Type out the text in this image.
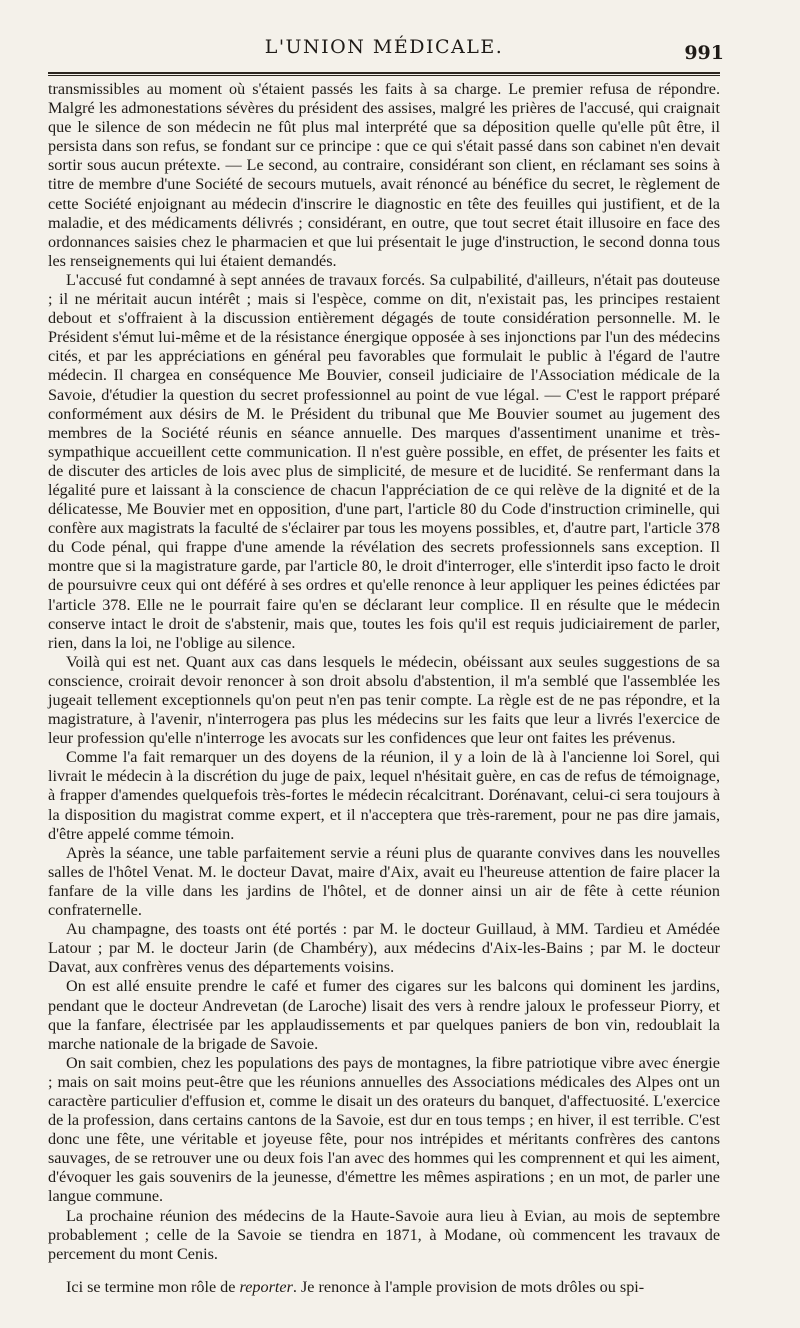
L'UNION MÉDICALE.	991

transmissibles au moment où s'étaient passés les faits à sa charge. Le premier refusa de répondre. Malgré les admonestations sévères du président des assises, malgré les prières de l'accusé, qui craignait que le silence de son médecin ne fût plus mal interprété que sa déposition quelle qu'elle pût être, il persista dans son refus, se fondant sur ce principe : que ce qui s'était passé dans son cabinet n'en devait sortir sous aucun prétexte. — Le second, au contraire, considérant son client, en réclamant ses soins à titre de membre d'une Société de secours mutuels, avait rénoncé au bénéfice du secret, le règlement de cette Société enjoignant au médecin d'inscrire le diagnostic en tête des feuilles qui justifient, et de la maladie, et des médicaments délivrés ; considérant, en outre, que tout secret était illusoire en face des ordonnances saisies chez le pharmacien et que lui présentait le juge d'instruction, le second donna tous les renseignements qui lui étaient demandés.

L'accusé fut condamné à sept années de travaux forcés. Sa culpabilité, d'ailleurs, n'était pas douteuse ; il ne méritait aucun intérêt ; mais si l'espèce, comme on dit, n'existait pas, les principes restaient debout et s'offraient à la discussion entièrement dégagés de toute considération personnelle. M. le Président s'émut lui-même et de la résistance énergique opposée à ses injonctions par l'un des médecins cités, et par les appréciations en général peu favorables que formulait le public à l'égard de l'autre médecin. Il chargea en conséquence Me Bouvier, conseil judiciaire de l'Association médicale de la Savoie, d'étudier la question du secret professionnel au point de vue légal. — C'est le rapport préparé conformément aux désirs de M. le Président du tribunal que Me Bouvier soumet au jugement des membres de la Société réunis en séance annuelle. Des marques d'assentiment unanime et très-sympathique accueillent cette communication. Il n'est guère possible, en effet, de présenter les faits et de discuter des articles de lois avec plus de simplicité, de mesure et de lucidité. Se renfermant dans la légalité pure et laissant à la conscience de chacun l'appréciation de ce qui relève de la dignité et de la délicatesse, Me Bouvier met en opposition, d'une part, l'article 80 du Code d'instruction criminelle, qui confère aux magistrats la faculté de s'éclairer par tous les moyens possibles, et, d'autre part, l'article 378 du Code pénal, qui frappe d'une amende la révélation des secrets professionnels sans exception. Il montre que si la magistrature garde, par l'article 80, le droit d'interroger, elle s'interdit ipso facto le droit de poursuivre ceux qui ont déféré à ses ordres et qu'elle renonce à leur appliquer les peines édictées par l'article 378. Elle ne le pourrait faire qu'en se déclarant leur complice. Il en résulte que le médecin conserve intact le droit de s'abstenir, mais que, toutes les fois qu'il est requis judiciairement de parler, rien, dans la loi, ne l'oblige au silence.

Voilà qui est net. Quant aux cas dans lesquels le médecin, obéissant aux seules suggestions de sa conscience, croirait devoir renoncer à son droit absolu d'abstention, il m'a semblé que l'assemblée les jugeait tellement exceptionnels qu'on peut n'en pas tenir compte. La règle est de ne pas répondre, et la magistrature, à l'avenir, n'interrogera pas plus les médecins sur les faits que leur a livrés l'exercice de leur profession qu'elle n'interroge les avocats sur les confidences que leur ont faites les prévenus.

Comme l'a fait remarquer un des doyens de la réunion, il y a loin de là à l'ancienne loi Sorel, qui livrait le médecin à la discrétion du juge de paix, lequel n'hésitait guère, en cas de refus de témoignage, à frapper d'amendes quelquefois très-fortes le médecin récalcitrant. Dorénavant, celui-ci sera toujours à la disposition du magistrat comme expert, et il n'acceptera que très-rarement, pour ne pas dire jamais, d'être appelé comme témoin.

Après la séance, une table parfaitement servie a réuni plus de quarante convives dans les nouvelles salles de l'hôtel Venat. M. le docteur Davat, maire d'Aix, avait eu l'heureuse attention de faire placer la fanfare de la ville dans les jardins de l'hôtel, et de donner ainsi un air de fête à cette réunion confraternelle.

Au champagne, des toasts ont été portés : par M. le docteur Guillaud, à MM. Tardieu et Amédée Latour ; par M. le docteur Jarin (de Chambéry), aux médecins d'Aix-les-Bains ; par M. le docteur Davat, aux confrères venus des départements voisins.

On est allé ensuite prendre le café et fumer des cigares sur les balcons qui dominent les jardins, pendant que le docteur Andrevetan (de Laroche) lisait des vers à rendre jaloux le professeur Piorry, et que la fanfare, électrisée par les applaudissements et par quelques paniers de bon vin, redoublait la marche nationale de la brigade de Savoie.

On sait combien, chez les populations des pays de montagnes, la fibre patriotique vibre avec énergie ; mais on sait moins peut-être que les réunions annuelles des Associations médicales des Alpes ont un caractère particulier d'effusion et, comme le disait un des orateurs du banquet, d'affectuosité. L'exercice de la profession, dans certains cantons de la Savoie, est dur en tous temps ; en hiver, il est terrible. C'est donc une fête, une véritable et joyeuse fête, pour nos intrépides et méritants confrères des cantons sauvages, de se retrouver une ou deux fois l'an avec des hommes qui les comprennent et qui les aiment, d'évoquer les gais souvenirs de la jeunesse, d'émettre les mêmes aspirations ; en un mot, de parler une langue commune.

La prochaine réunion des médecins de la Haute-Savoie aura lieu à Evian, au mois de septembre probablement ; celle de la Savoie se tiendra en 1871, à Modane, où commencent les travaux de percement du mont Cenis.

Ici se termine mon rôle de reporter. Je renonce à l'ample provision de mots drôles ou spi-
